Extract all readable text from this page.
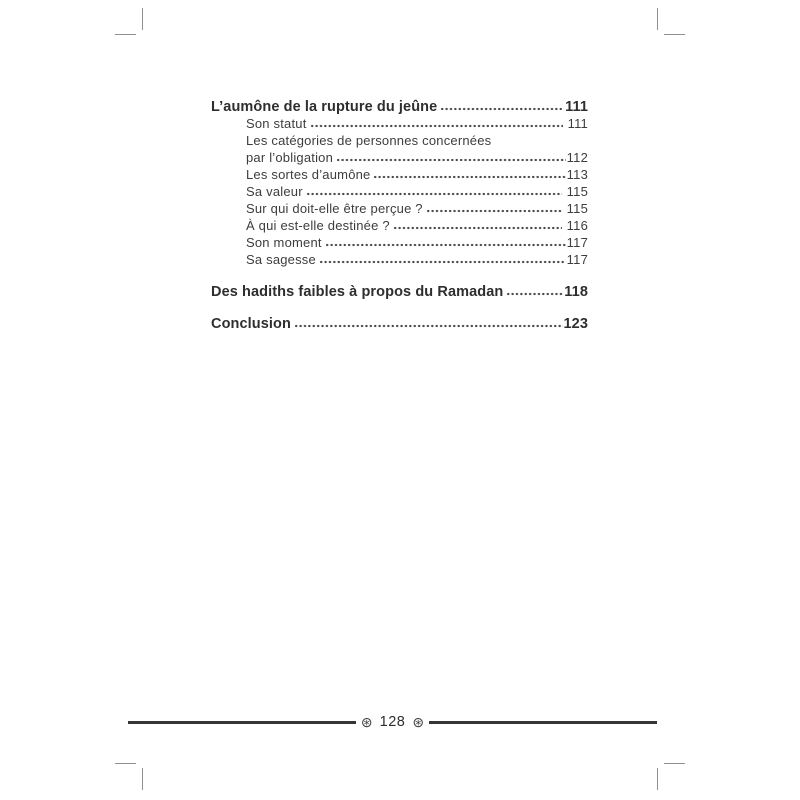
L’aumône de la rupture du jeûne	111
Son statut	111
Les catégories de personnes concernées
par l’obligation	112
Les sortes d’aumône	113
Sa valeur	115
Sur qui doit-elle être perçue ?	115
À qui est-elle destinée ?	116
Son moment	117
Sa sagesse	117
Des hadiths faibles à propos du Ramadan	118
Conclusion	123
⊛ 128 ⊛
